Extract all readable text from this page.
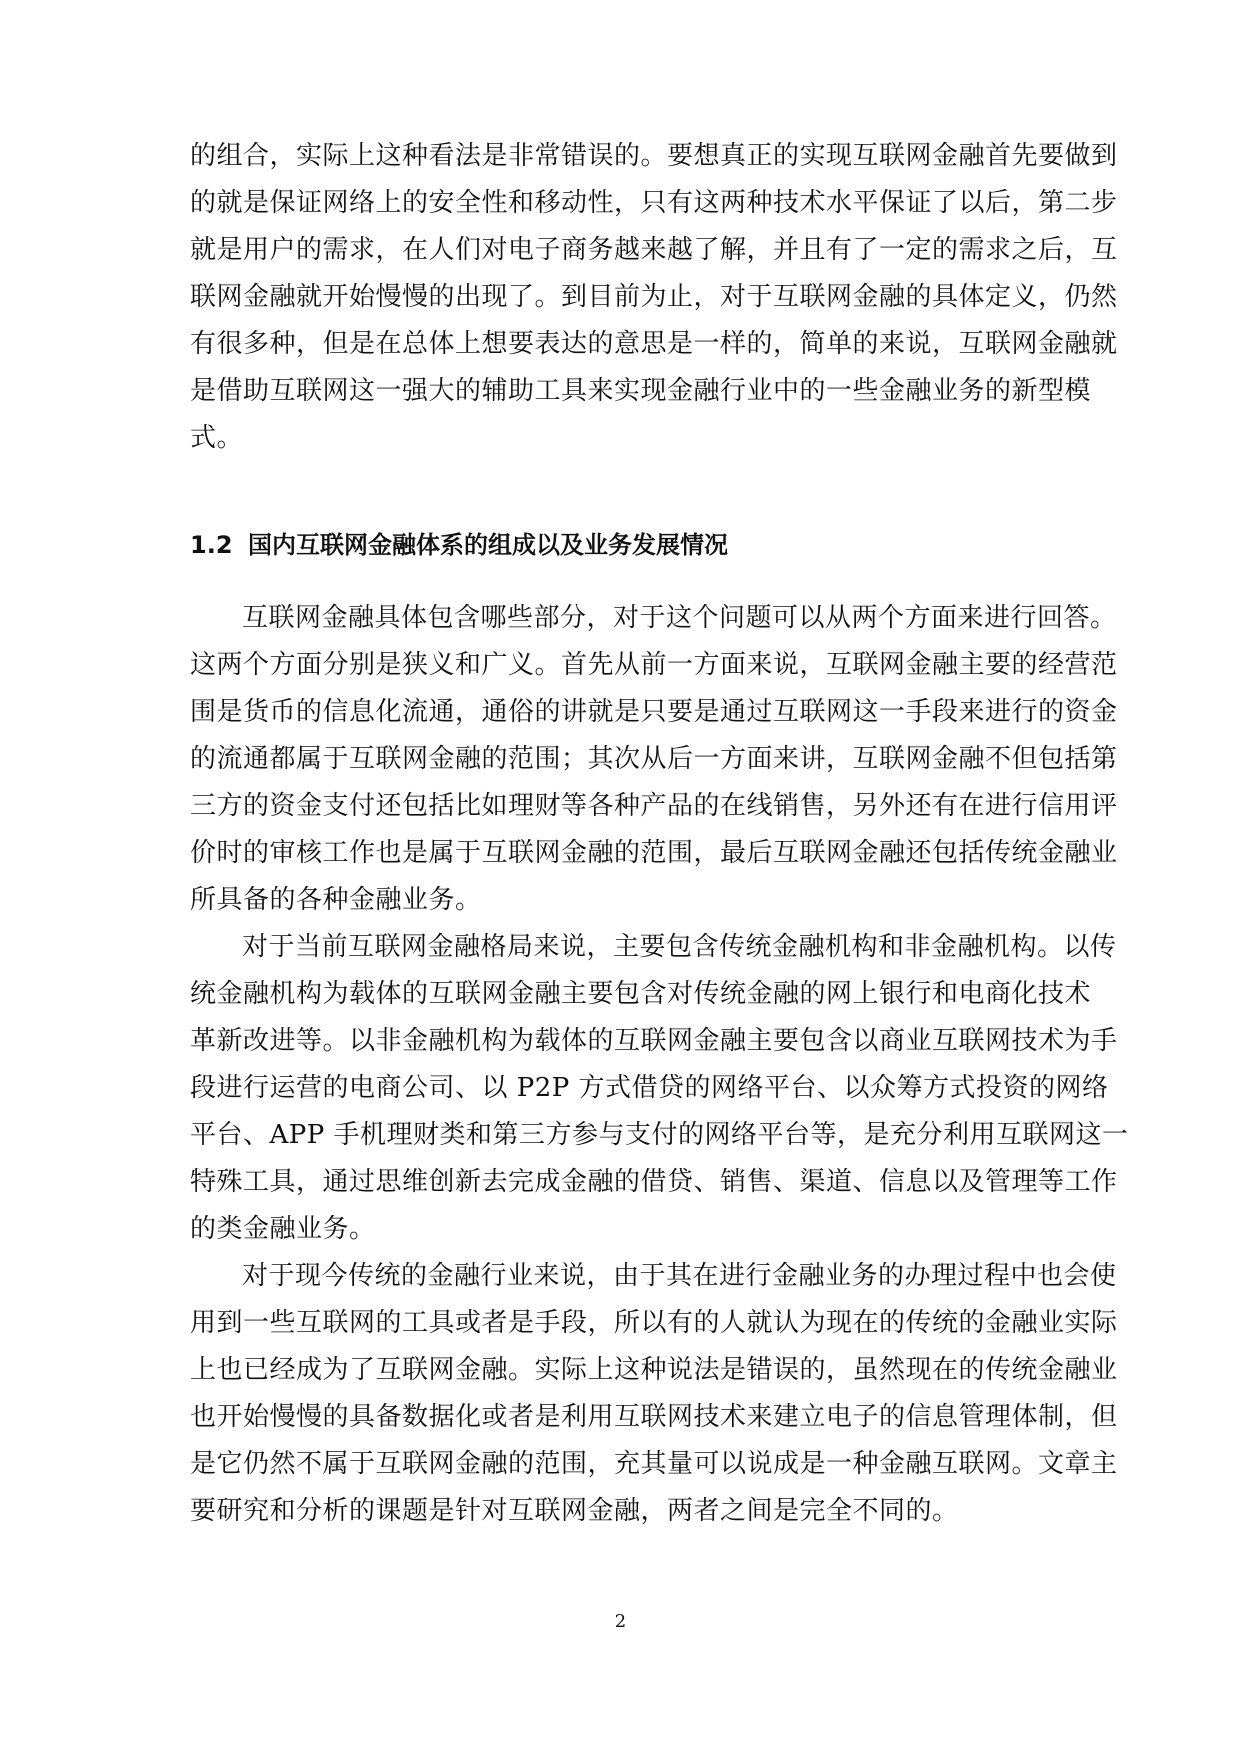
的组合，实际上这种看法是非常错误的。要想真正的实现互联网金融首先要做到
的就是保证网络上的安全性和移动性，只有这两种技术水平保证了以后，第二步
就是用户的需求，在人们对电子商务越来越了解，并且有了一定的需求之后，互
联网金融就开始慢慢的出现了。到目前为止，对于互联网金融的具体定义，仍然
有很多种，但是在总体上想要表达的意思是一样的，简单的来说，互联网金融就
是借助互联网这一强大的辅助工具来实现金融行业中的一些金融业务的新型模
式。
1.2 国内互联网金融体系的组成以及业务发展情况
互联网金融具体包含哪些部分，对于这个问题可以从两个方面来进行回答。
这两个方面分别是狭义和广义。首先从前一方面来说，互联网金融主要的经营范
围是货币的信息化流通，通俗的讲就是只要是通过互联网这一手段来进行的资金
的流通都属于互联网金融的范围；其次从后一方面来讲，互联网金融不但包括第
三方的资金支付还包括比如理财等各种产品的在线销售，另外还有在进行信用评
价时的审核工作也是属于互联网金融的范围，最后互联网金融还包括传统金融业
所具备的各种金融业务。
对于当前互联网金融格局来说，主要包含传统金融机构和非金融机构。以传
统金融机构为载体的互联网金融主要包含对传统金融的网上银行和电商化技术
革新改进等。以非金融机构为载体的互联网金融主要包含以商业互联网技术为手
段进行运营的电商公司、以 P2P 方式借贷的网络平台、以众筹方式投资的网络
平台、APP 手机理财类和第三方参与支付的网络平台等，是充分利用互联网这一
特殊工具，通过思维创新去完成金融的借贷、销售、渠道、信息以及管理等工作
的类金融业务。
对于现今传统的金融行业来说，由于其在进行金融业务的办理过程中也会使
用到一些互联网的工具或者是手段，所以有的人就认为现在的传统的金融业实际
上也已经成为了互联网金融。实际上这种说法是错误的，虽然现在的传统金融业
也开始慢慢的具备数据化或者是利用互联网技术来建立电子的信息管理体制，但
是它仍然不属于互联网金融的范围，充其量可以说成是一种金融互联网。文章主
要研究和分析的课题是针对互联网金融，两者之间是完全不同的。
2
